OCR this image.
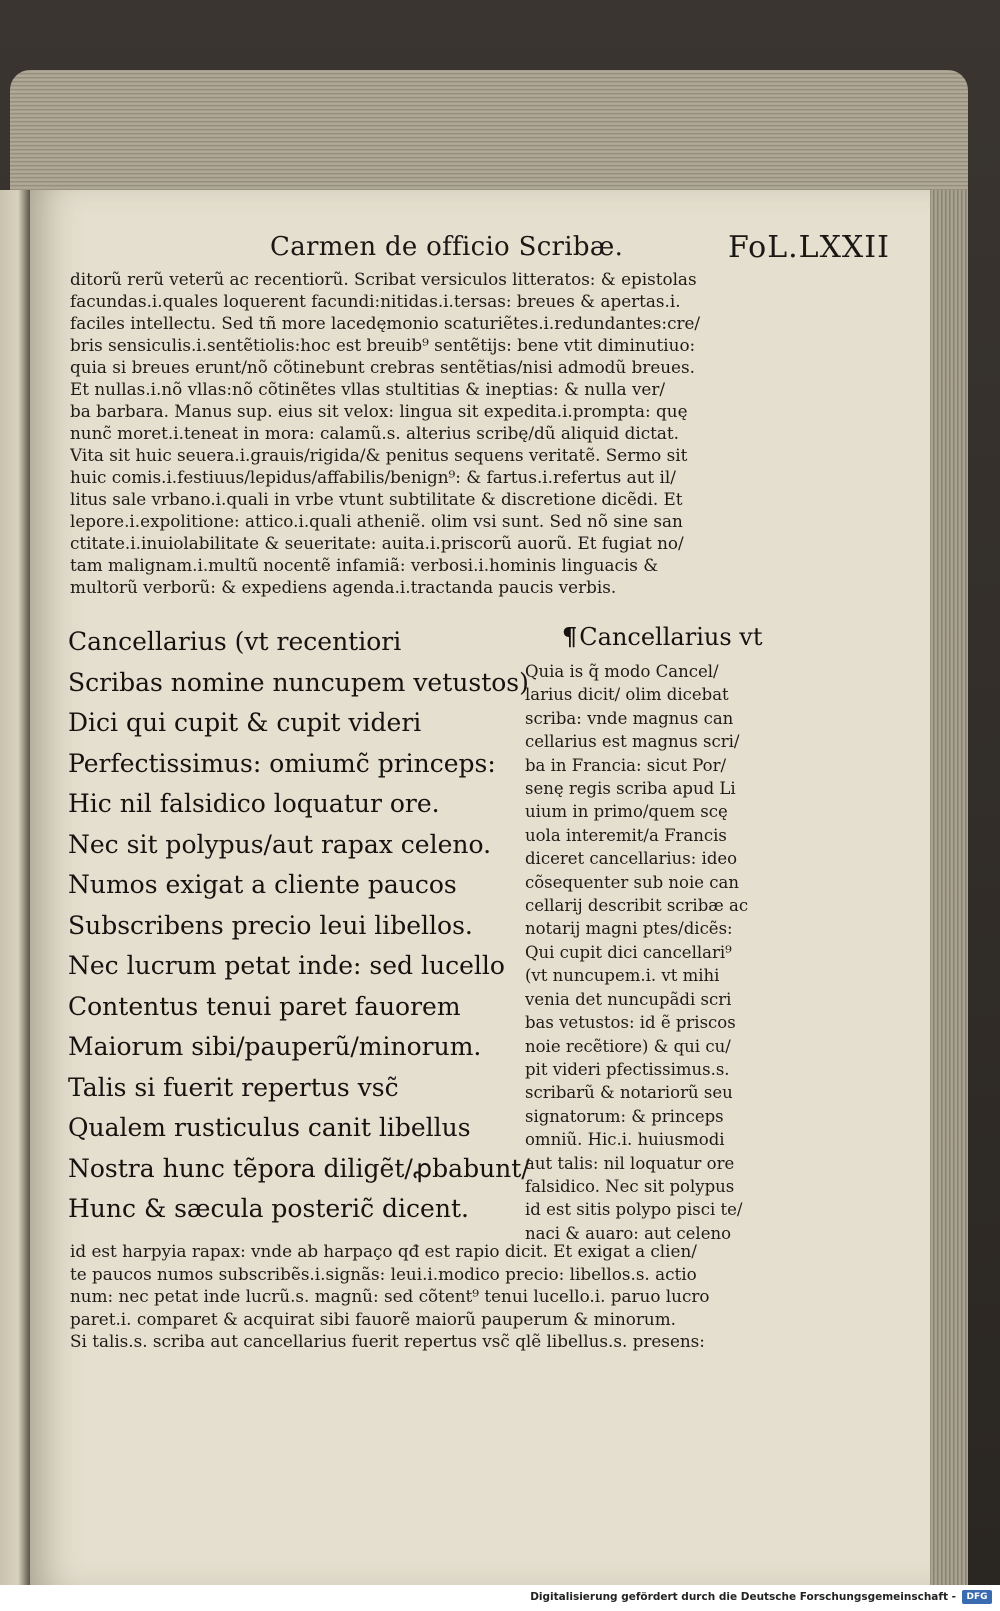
Carmen de officio Scribæ.	FoL.LXXII
ditorũ rerũ veterũ ac recentiorũ. Scribat versiculos litteratos: & epistolas
facundas.i.quales loquerent facundi:nitidas.i.tersas: breues & apertas.i.
faciles intellectu. Sed tñ more lacedęmonio scaturiẽtes.i.redundantes:cre/
bris sensiculis.i.sentẽtiolis:hoc est breuib⁹ sentẽtijs: bene vtit diminutiuo:
quia si breues erunt/nõ cõtinebunt crebras sentẽtias/nisi admodũ breues.
Et nullas.i.nõ vllas:nõ cõtinẽtes vllas stultitias & ineptias: & nulla ver/
ba barbara. Manus sup. eius sit velox: lingua sit expedita.i.prompta: quę
nunc̃ moret.i.teneat in mora: calamũ.s. alterius scribę/dũ aliquid dictat.
Vita sit huic seuera.i.grauis/rigida/& penitus sequens veritatẽ. Sermo sit
huic comis.i.festiuus/lepidus/affabilis/benign⁹: & fartus.i.refertus aut il/
litus sale vrbano.i.quali in vrbe vtunt subtilitate & discretione dicẽdi. Et
lepore.i.expolitione: attico.i.quali atheniẽ. olim vsi sunt. Sed nõ sine san
ctitate.i.inuiolabilitate & seueritate: auita.i.priscorũ auorũ. Et fugiat no/
tam malignam.i.multũ nocentẽ infamiã: verbosi.i.hominis linguacis &
multorũ verborũ: & expediens agenda.i.tractanda paucis verbis.
Cancellarius (vt recentiori
Scribas nomine nuncupem vetustos)
Dici qui cupit & cupit videri
Perfectissimus: omiumc̃ princeps:
Hic nil falsidico loquatur ore.
Nec sit polypus/aut rapax celeno.
Numos exigat a cliente paucos
Subscribens precio leui libellos.
Nec lucrum petat inde: sed lucello
Contentus tenui paret fauorem
Maiorum sibi/pauperũ/minorum.
Talis si fuerit repertus vsc̃
Qualem rusticulus canit libellus
Nostra hunc tẽpora diligẽt/ꝓbabunt/
Hunc & sæcula posteric̃ dicent.
¶Cancellarius vt
Quia is q̃ modo Cancel/
larius dicit/ olim dicebat
scriba: vnde magnus can
cellarius est magnus scri/
ba in Francia: sicut Por/
senę regis scriba apud Li
uium in primo/quem scę
uola interemit/a Francis
diceret cancellarius: ideo
cõsequenter sub noie can
cellarij describit scribæ ac
notarij magni ptes/dicẽs:
Qui cupit dici cancellari⁹
(vt nuncupem.i. vt mihi
venia det nuncupãdi scri
bas vetustos: id ẽ priscos
noie recẽtiore) & qui cu/
pit videri pfectissimus.s.
scribarũ & notariorũ seu
signatorum: & princeps
omniũ. Hic.i. huiusmodi
aut talis: nil loquatur ore
falsidico. Nec sit polypus
id est sitis polypo pisci te/
naci & auaro: aut celeno
id est harpyia rapax: vnde ab harpaço qđ est rapio dicit. Et exigat a clien/
te paucos numos subscribẽs.i.signãs: leui.i.modico precio: libellos.s. actio
num: nec petat inde lucrũ.s. magnũ: sed cõtent⁹ tenui lucello.i. paruo lucro
paret.i. comparet & acquirat sibi fauorẽ maiorũ pauperum & minorum.
Si talis.s. scriba aut cancellarius fuerit repertus vsc̃ qlẽ libellus.s. presens:
Digitalisierung gefördert durch die Deutsche Forschungsgemeinschaft -	DFG
